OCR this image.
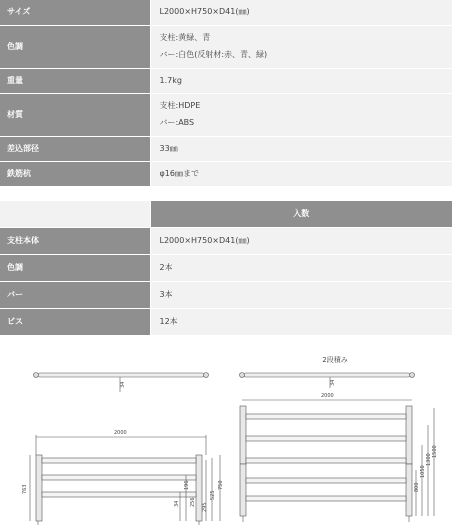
サイズ	L2000×H750×D41(㎜)
色調	支柱:黄緑、青
バー:白色(反射材:赤、青、緑)

重量	1.7kg
材質	支柱:HDPE
バー:ABS

差込部径	33㎜
鉄筋杭	φ16㎜まで
	入数
支柱本体	L2000×H750×D41(㎜)
色調	2本
バー	3本
ビス	12本
2段積み
34
2000
763
34
196
256
295
525
750
34
2000
800
1050
1300
1500
